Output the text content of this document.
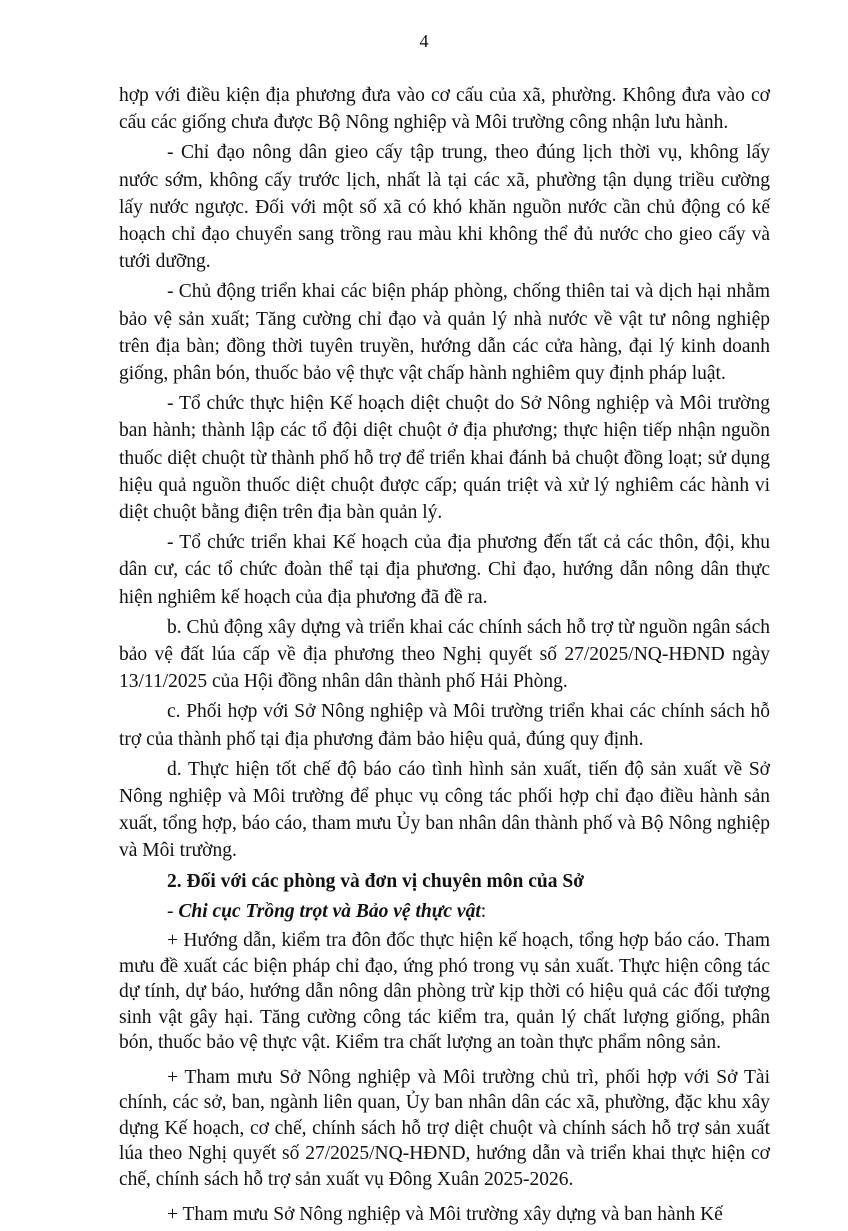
4

hợp với điều kiện địa phương đưa vào cơ cấu của xã, phường. Không đưa vào cơ cấu các giống chưa được Bộ Nông nghiệp và Môi trường công nhận lưu hành.

- Chỉ đạo nông dân gieo cấy tập trung, theo đúng lịch thời vụ, không lấy nước sớm, không cấy trước lịch, nhất là tại các xã, phường tận dụng triều cường lấy nước ngược. Đối với một số xã có khó khăn nguồn nước cần chủ động có kế hoạch chỉ đạo chuyển sang trồng rau màu khi không thể đủ nước cho gieo cấy và tưới dưỡng.

- Chủ động triển khai các biện pháp phòng, chống thiên tai và dịch hại nhằm bảo vệ sản xuất; Tăng cường chỉ đạo và quản lý nhà nước về vật tư nông nghiệp trên địa bàn; đồng thời tuyên truyền, hướng dẫn các cửa hàng, đại lý kinh doanh giống, phân bón, thuốc bảo vệ thực vật chấp hành nghiêm quy định pháp luật.

- Tổ chức thực hiện Kế hoạch diệt chuột do Sở Nông nghiệp và Môi trường ban hành; thành lập các tổ đội diệt chuột ở địa phương; thực hiện tiếp nhận nguồn thuốc diệt chuột từ thành phố hỗ trợ để triển khai đánh bả chuột đồng loạt; sử dụng hiệu quả nguồn thuốc diệt chuột được cấp; quán triệt và xử lý nghiêm các hành vi diệt chuột bằng điện trên địa bàn quản lý.

- Tổ chức triển khai Kế hoạch của địa phương đến tất cả các thôn, đội, khu dân cư, các tổ chức đoàn thể tại địa phương. Chỉ đạo, hướng dẫn nông dân thực hiện nghiêm kế hoạch của địa phương đã đề ra.

b. Chủ động xây dựng và triển khai các chính sách hỗ trợ từ nguồn ngân sách bảo vệ đất lúa cấp về địa phương theo Nghị quyết số 27/2025/NQ-HĐND ngày 13/11/2025 của Hội đồng nhân dân thành phố Hải Phòng.

c. Phối hợp với Sở Nông nghiệp và Môi trường triển khai các chính sách hỗ trợ của thành phố tại địa phương đảm bảo hiệu quả, đúng quy định.

d. Thực hiện tốt chế độ báo cáo tình hình sản xuất, tiến độ sản xuất về Sở Nông nghiệp và Môi trường để phục vụ công tác phối hợp chỉ đạo điều hành sản xuất, tổng hợp, báo cáo, tham mưu Ủy ban nhân dân thành phố và Bộ Nông nghiệp và Môi trường.

2. Đối với các phòng và đơn vị chuyên môn của Sở

- Chi cục Trồng trọt và Bảo vệ thực vật:

+ Hướng dẫn, kiểm tra đôn đốc thực hiện kế hoạch, tổng hợp báo cáo. Tham mưu đề xuất các biện pháp chỉ đạo, ứng phó trong vụ sản xuất. Thực hiện công tác dự tính, dự báo, hướng dẫn nông dân phòng trừ kịp thời có hiệu quả các đối tượng sinh vật gây hại. Tăng cường công tác kiểm tra, quản lý chất lượng giống, phân bón, thuốc bảo vệ thực vật. Kiểm tra chất lượng an toàn thực phẩm nông sản.

+ Tham mưu Sở Nông nghiệp và Môi trường chủ trì, phối hợp với Sở Tài chính, các sở, ban, ngành liên quan, Ủy ban nhân dân các xã, phường, đặc khu xây dựng Kế hoạch, cơ chế, chính sách hỗ trợ diệt chuột và chính sách hỗ trợ sản xuất lúa theo Nghị quyết số 27/2025/NQ-HĐND, hướng dẫn và triển khai thực hiện cơ chế, chính sách hỗ trợ sản xuất vụ Đông Xuân 2025-2026.

+ Tham mưu Sở Nông nghiệp và Môi trường xây dựng và ban hành Kế
